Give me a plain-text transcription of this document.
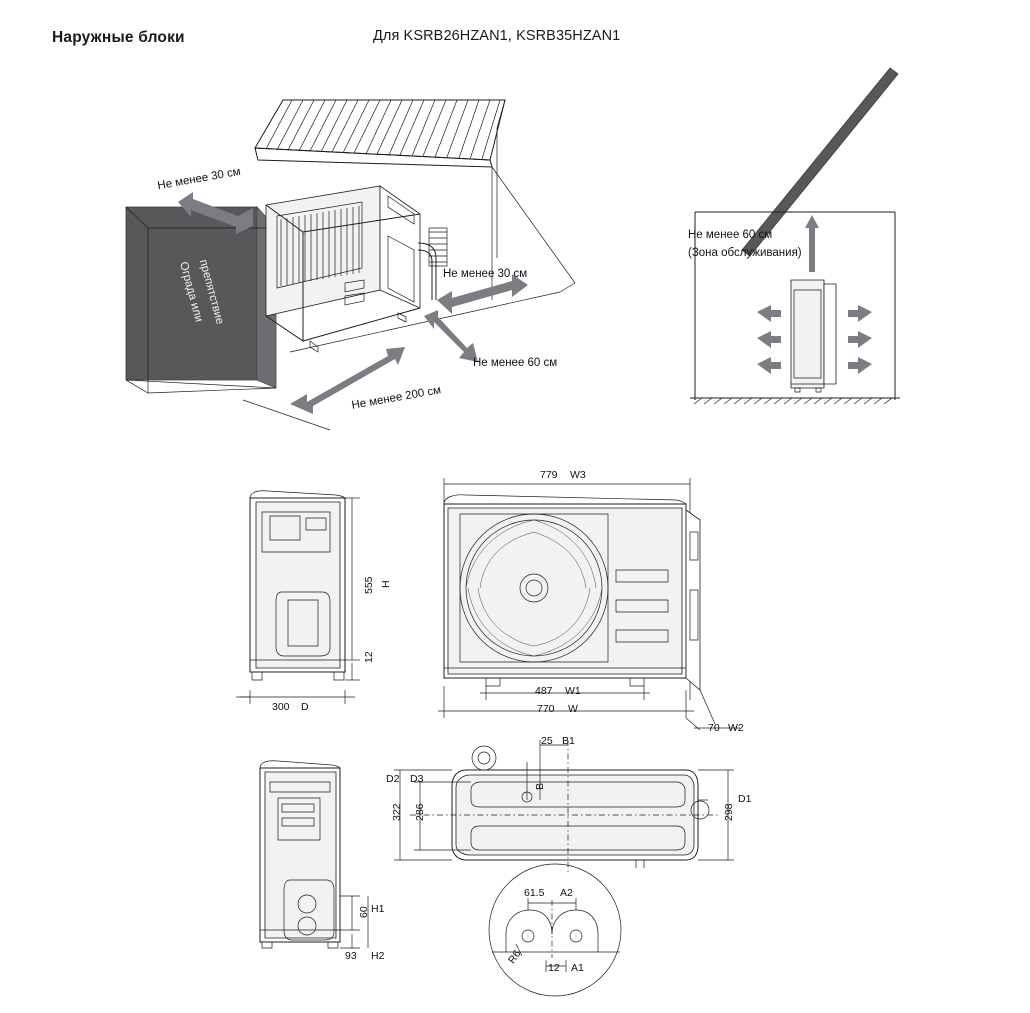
Наружные блоки	Для KSRB26HZAN1, KSRB35HZAN1
Не менее 30 см
Ограда или
препятствие	Не менее 30 см
Не менее 60 см
Не менее 200 см
Не менее 60 см
(Зона обслуживания)
555 H
12
300 D
779 W3
487 W1
770 W
70 W2
25 B1
B
D2 D3
322 286	298
D1
60 H1
93 H2
61.5 A2
12 A1
R6
